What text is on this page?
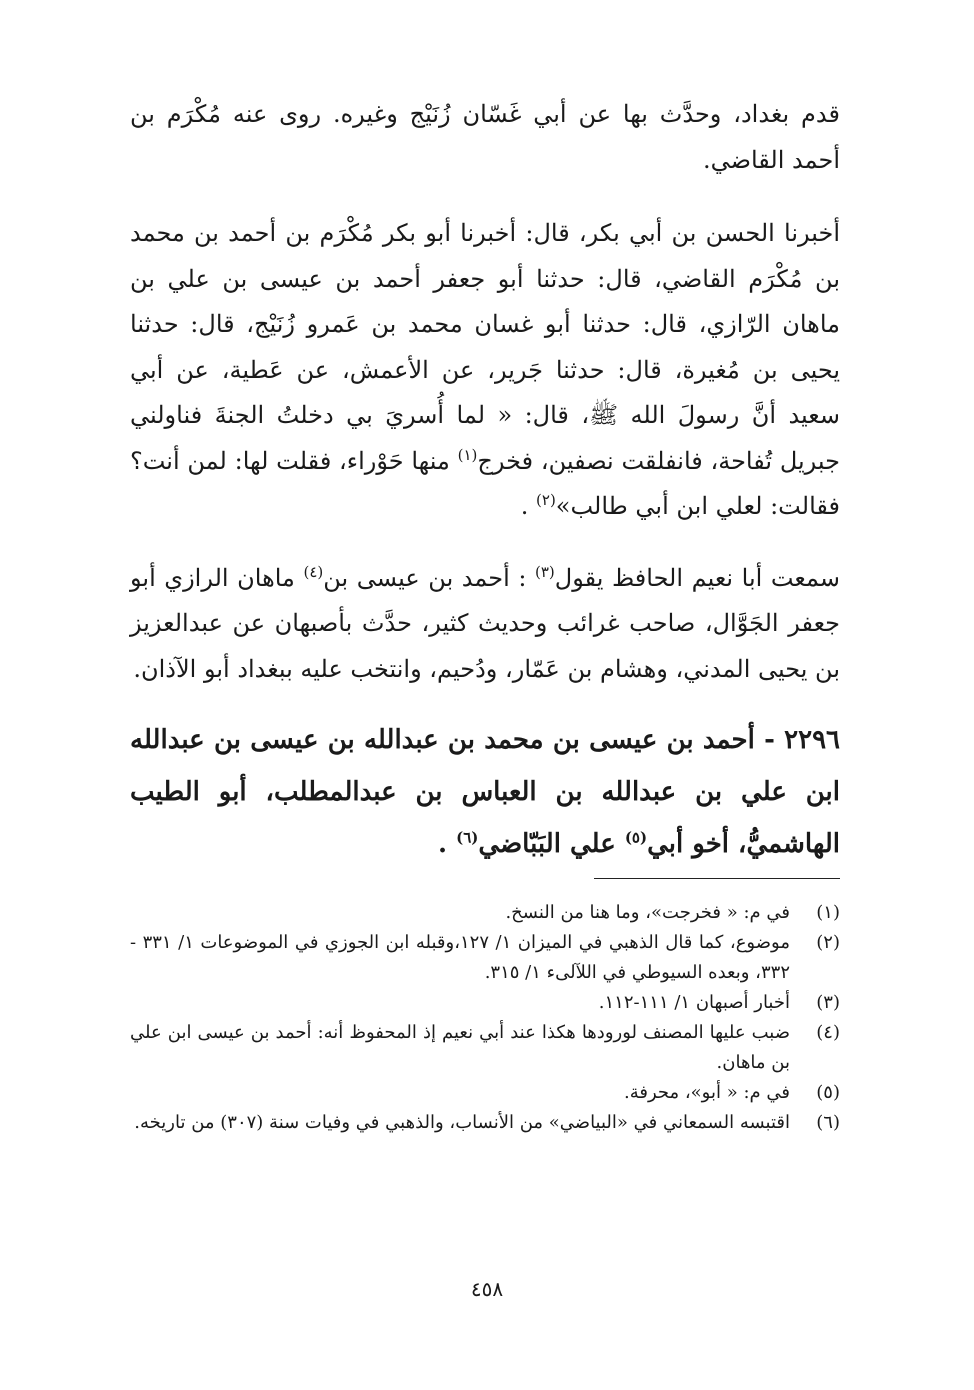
قدم بغداد، وحدَّث بها عن أبي غَسّان زُنَيْج وغيره. روى عنه مُكْرَم بن أحمد القاضي.

أخبرنا الحسن بن أبي بكر، قال: أخبرنا أبو بكر مُكْرَم بن أحمد بن محمد بن مُكْرَم القاضي، قال: حدثنا أبو جعفر أحمد بن عيسى بن علي بن ماهان الرّازي، قال: حدثنا أبو غسان محمد بن عَمرو زُنَيْج، قال: حدثنا يحيى بن مُغيرة، قال: حدثنا جَرير، عن الأعمش، عن عَطية، عن أبي سعيد أنَّ رسولَ الله ﷺ، قال: « لما أُسريَ بي دخلتُ الجنةَ فناولني جبريل تُفاحة، فانفلقت نصفين، فخرج$^{(١)}$ منها حَوْراء، فقلت لها: لمن أنت؟ فقالت: لعلي ابن أبي طالب»$^{(٢)}$ .

سمعت أبا نعيم الحافظ يقول$^{(٣)}$ : أحمد بن عيسى بن$^{(٤)}$ ماهان الرازي أبو جعفر الجَوَّال، صاحب غرائب وحديث كثير، حدَّث بأصبهان عن عبدالعزيز بن يحيى المدني، وهشام بن عَمّار، ودُحيم، وانتخب عليه ببغداد أبو الآذان.

٢٢٩٦ - أحمد بن عيسى بن محمد بن عبدالله بن عيسى بن عبدالله ابن علي بن عبدالله بن العباس بن عبدالمطلب، أبو الطيب الهاشميُّ، أخو أبي$^{(٥)}$ علي البَبّاضي$^{(٦)}$ .

(١)
في م: « فخرجت»، وما هنا من النسخ.
(٢)
موضوع، كما قال الذهبي في الميزان ١/ ١٢٧،وقبله ابن الجوزي في الموضوعات ١/ ٣٣١ - ٣٣٢، وبعده السيوطي في اللآلىء ١/ ٣١٥.
(٣)
أخبار أصبهان ١/ ١١١-١١٢.
(٤)
ضبب عليها المصنف لورودها هكذا عند أبي نعيم إذ المحفوظ أنه: أحمد بن عيسى ابن علي بن ماهان.
(٥)
في م: « أبو»، محرفة.
(٦)
اقتبسه السمعاني في «البياضي» من الأنساب، والذهبي في وفيات سنة (٣٠٧) من تاريخه.
٤٥٨
